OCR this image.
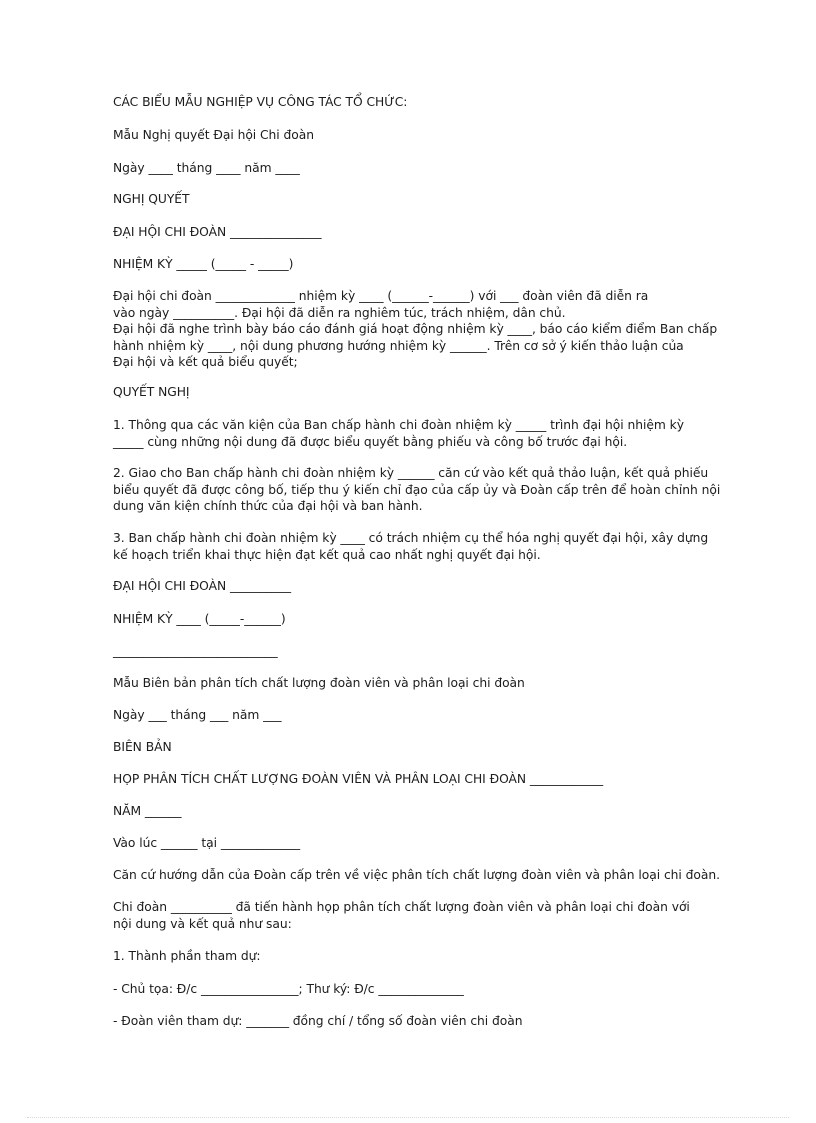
CÁC BIỂU MẪU NGHIỆP VỤ CÔNG TÁC TỔ CHỨC:

Mẫu Nghị quyết Đại hội Chi đoàn

Ngày ____ tháng ____ năm ____

NGHỊ QUYẾT

ĐẠI HỘI CHI ĐOÀN _______________

NHIỆM KỲ _____ (_____ - _____)

Đại hội chi đoàn _____________ nhiệm kỳ ____ (______-______) với ___ đoàn viên đã diễn ra
vào ngày __________. Đại hội đã diễn ra nghiêm túc, trách nhiệm, dân chủ.
Đại hội đã nghe trình bày báo cáo đánh giá hoạt động nhiệm kỳ ____, báo cáo kiểm điểm Ban chấp
hành nhiệm kỳ ____, nội dung phương hướng nhiệm kỳ ______. Trên cơ sở ý kiến thảo luận của
Đại hội và kết quả biểu quyết;

QUYẾT NGHỊ

1. Thông qua các văn kiện của Ban chấp hành chi đoàn nhiệm kỳ _____ trình đại hội nhiệm kỳ
_____ cùng những nội dung đã được biểu quyết bằng phiếu và công bố trước đại hội.

2. Giao cho Ban chấp hành chi đoàn nhiệm kỳ ______ căn cứ vào kết quả thảo luận, kết quả phiếu
biểu quyết đã được công bố, tiếp thu ý kiến chỉ đạo của cấp ủy và Đoàn cấp trên để hoàn chỉnh nội
dung văn kiện chính thức của đại hội và ban hành.

3. Ban chấp hành chi đoàn nhiệm kỳ ____ có trách nhiệm cụ thể hóa nghị quyết đại hội, xây dựng
kế hoạch triển khai thực hiện đạt kết quả cao nhất nghị quyết đại hội.

ĐẠI HỘI CHI ĐOÀN __________

NHIỆM KỲ ____ (_____-______)

___________________________

Mẫu Biên bản phân tích chất lượng đoàn viên và phân loại chi đoàn

Ngày ___ tháng ___ năm ___

BIÊN BẢN

HỌP PHÂN TÍCH CHẤT LƯỢNG ĐOÀN VIÊN VÀ PHÂN LOẠI CHI ĐOÀN ____________

NĂM ______

Vào lúc ______ tại _____________

Căn cứ hướng dẫn của Đoàn cấp trên về việc phân tích chất lượng đoàn viên và phân loại chi đoàn.

Chi đoàn __________ đã tiến hành họp phân tích chất lượng đoàn viên và phân loại chi đoàn với
nội dung và kết quả như sau:

1. Thành phần tham dự:

- Chủ tọa: Đ/c ________________; Thư ký: Đ/c ______________

- Đoàn viên tham dự: _______ đồng chí / tổng số đoàn viên chi đoàn
